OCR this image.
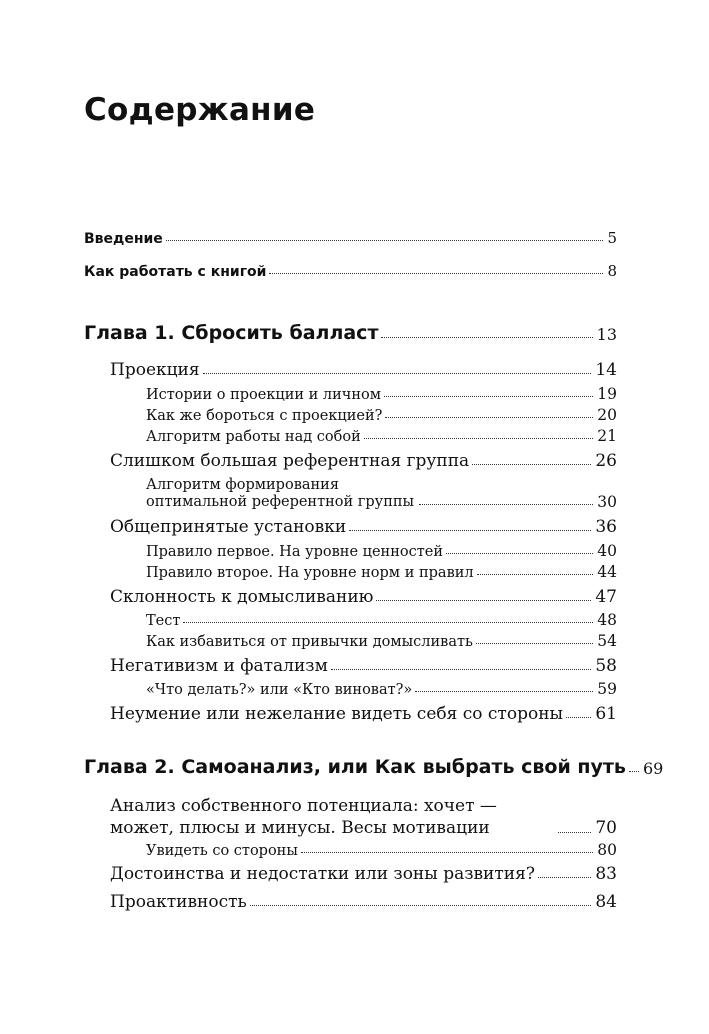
Содержание
Введение	5
Как работать с книгой	8
Глава 1. Сбросить балласт	13
Проекция	14
Истории о проекции и личном	19
Как же бороться с проекцией?	20
Алгоритм работы над собой	21
Слишком большая референтная группа	26
Алгоритм формирования оптимальной референтной группы	30
Общепринятые установки	36
Правило первое. На уровне ценностей	40
Правило второе. На уровне норм и правил	44
Склонность к домысливанию	47
Тест	48
Как избавиться от привычки домысливать	54
Негативизм и фатализм	58
«Что делать?» или «Кто виноват?»	59
Неумение или нежелание видеть себя со стороны 61
Глава 2. Самоанализ, или Как выбрать свой путь 69
Анализ собственного потенциала: хочет — может, плюсы и минусы. Весы мотивации	70
Увидеть со стороны	80
Достоинства и недостатки или зоны развития?	83
Проактивность	84
